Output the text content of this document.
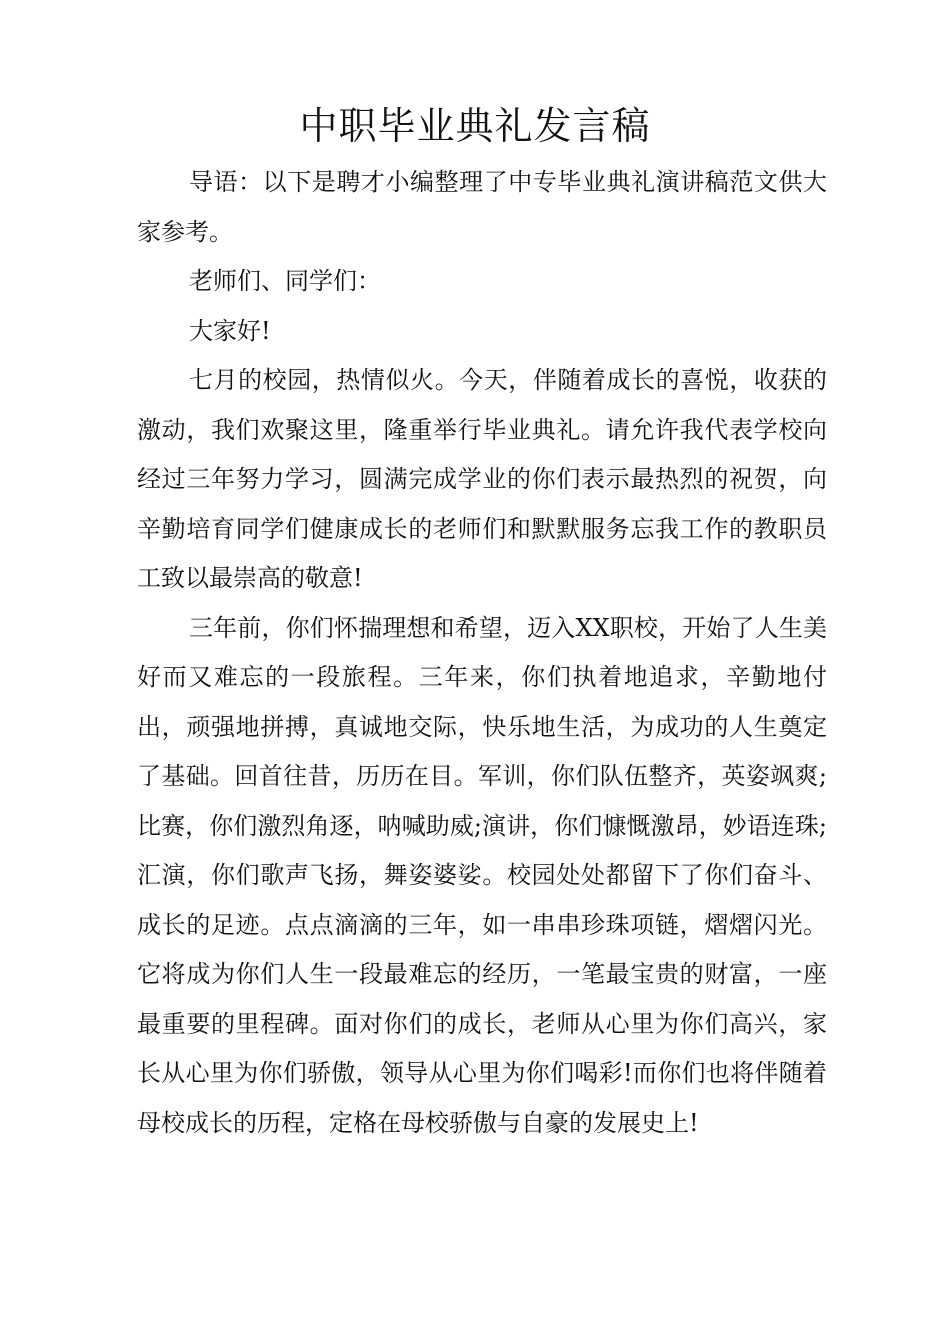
中职毕业典礼发言稿

导语：以下是聘才小编整理了中专毕业典礼演讲稿范文供大家参考。

老师们、同学们：

大家好!

七月的校园，热情似火。今天，伴随着成长的喜悦，收获的激动，我们欢聚这里，隆重举行毕业典礼。请允许我代表学校向经过三年努力学习，圆满完成学业的你们表示最热烈的祝贺，向辛勤培育同学们健康成长的老师们和默默服务忘我工作的教职员工致以最崇高的敬意!

三年前，你们怀揣理想和希望，迈入XX职校，开始了人生美好而又难忘的一段旅程。三年来，你们执着地追求，辛勤地付出，顽强地拼搏，真诚地交际，快乐地生活，为成功的人生奠定了基础。回首往昔，历历在目。军训，你们队伍整齐，英姿飒爽;比赛，你们激烈角逐，呐喊助威;演讲，你们慷慨激昂，妙语连珠;汇演，你们歌声飞扬，舞姿婆娑。校园处处都留下了你们奋斗、成长的足迹。点点滴滴的三年，如一串串珍珠项链，熠熠闪光。它将成为你们人生一段最难忘的经历，一笔最宝贵的财富，一座最重要的里程碑。面对你们的成长，老师从心里为你们高兴，家长从心里为你们骄傲，领导从心里为你们喝彩!而你们也将伴随着母校成长的历程，定格在母校骄傲与自豪的发展史上!
